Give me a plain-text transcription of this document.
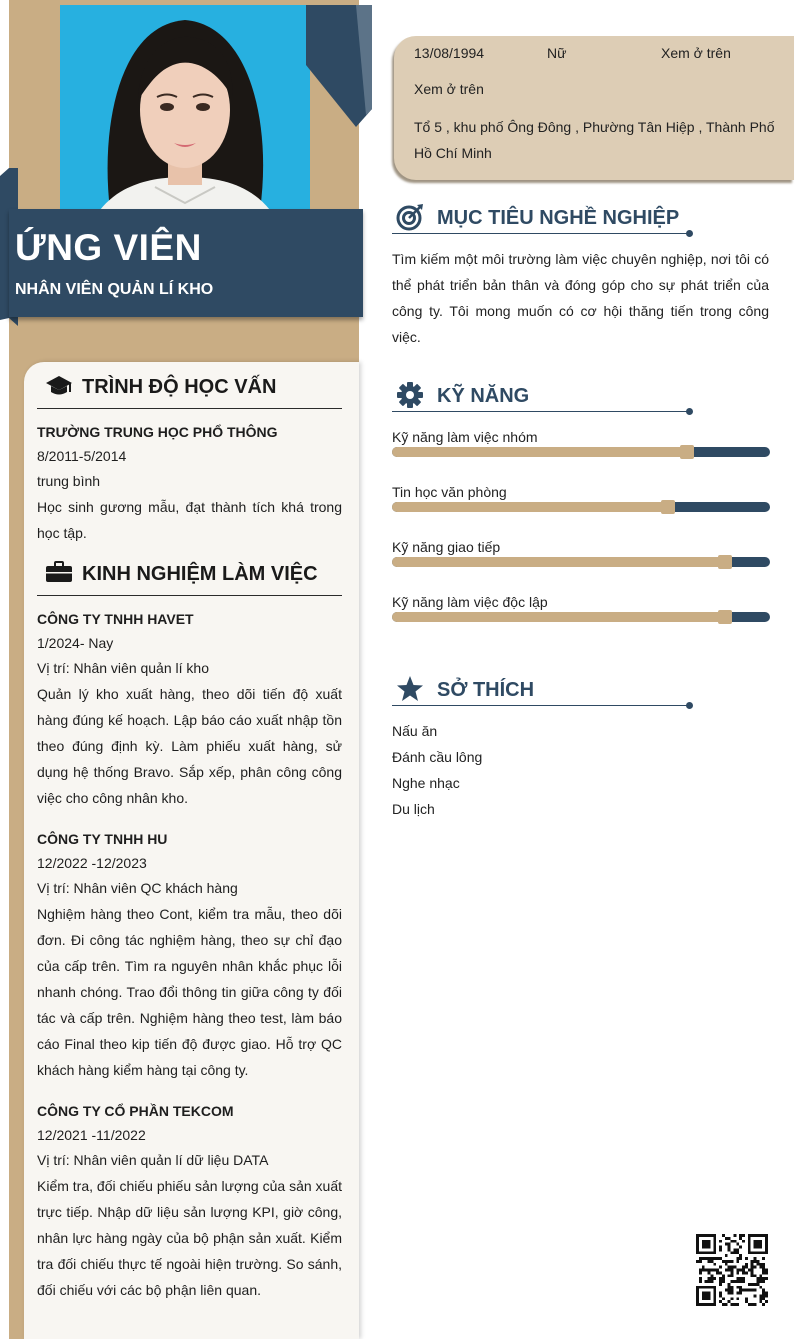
ỨNG VIÊN
NHÂN VIÊN QUẢN LÍ KHO
TRÌNH ĐỘ HỌC VẤN
TRƯỜNG TRUNG HỌC PHỔ THÔNG
8/2011-5/2014
trung bình
Học sinh gương mẫu, đạt thành tích khá trong học tập.
KINH NGHIỆM LÀM VIỆC
CÔNG TY TNHH HAVET
1/2024- Nay
Vị trí: Nhân viên quản lí kho
Quản lý kho xuất hàng, theo dõi tiến độ xuất hàng đúng kế hoạch. Lập báo cáo xuất nhập tồn theo đúng định kỳ. Làm phiếu xuất hàng, sử dụng hệ thống Bravo. Sắp xếp, phân công công việc cho công nhân kho.
CÔNG TY TNHH HU
12/2022 -12/2023
Vị trí: Nhân viên QC khách hàng
Nghiệm hàng theo Cont, kiểm tra mẫu, theo dõi đơn. Đi công tác nghiệm hàng, theo sự chỉ đạo của cấp trên. Tìm ra nguyên nhân khắc phục lỗi nhanh chóng. Trao đổi thông tin giữa công ty đối tác và cấp trên. Nghiệm hàng theo test, làm báo cáo Final theo kip tiến độ được giao. Hỗ trợ QC khách hàng kiểm hàng tại công ty.
CÔNG TY CỔ PHẦN TEKCOM
12/2021 -11/2022
Vị trí: Nhân viên quản lí dữ liệu DATA
Kiểm tra, đối chiếu phiếu sản lượng của sản xuất trực tiếp. Nhập dữ liệu sản lượng KPI, giờ công, nhân lực hàng ngày của bộ phận sản xuất. Kiểm tra đối chiếu thực tế ngoài hiện trường. So sánh, đối chiếu với các bộ phận liên quan.
13/08/1994	Nữ	Xem ở trên
Xem ở trên
Tổ 5 , khu phố Ông Đông , Phường Tân Hiệp , Thành Phố Hồ Chí Minh
MỤC TIÊU NGHỀ NGHIỆP
Tìm kiếm một môi trường làm việc chuyên nghiệp, nơi tôi có thể phát triển bản thân và đóng góp cho sự phát triển của công ty. Tôi mong muốn có cơ hội thăng tiến trong công việc.
KỸ NĂNG
Kỹ năng làm việc nhóm
Tin học văn phòng
Kỹ năng giao tiếp
Kỹ năng làm việc độc lập
SỞ THÍCH
Nấu ăn
Đánh cầu lông
Nghe nhạc
Du lịch
